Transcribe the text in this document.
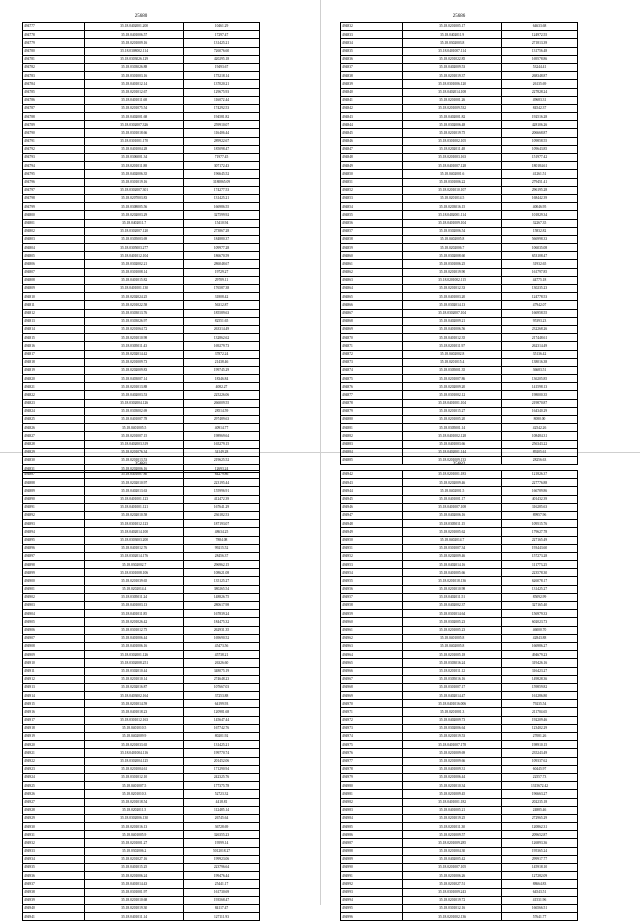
25680
494777	35.18.0402001.200	10461.29
494778	35.18.0401006.57	17297.47
494779	35.18.0201009.16	131425.21
494780	35.18.0308002.114	726076.60
494781	35.18.0303026.129	420295.18
494782	35.18.0303026.88	19493.67
494783	35.18.0301003.16	175218.14
494784	35.18.0401012.14	137020.21
494785	35.18.0201012.67	129675.93
494786	35.18.0401011.68	116072.44
494787	35.18.0201075.54	174292.53
494788	35.18.0402001.68	194581.82
494789	35.18.0302007.326	259910.07
494790	35.18.0301018.66	116406.44
494791	35.18.0301001.170	289922.67
494792	35.18.0401004.28	185098.47
494793	35.18.0306001.34	71977.45
494794	35.18.0201011.88	307172.43
494795	35.18.0402006.35	196645.52
494796	35.18.0301019.16	3180865.09
494797	35.18.0302007.301	174277.53
494798	35.18.0207003.83	131425.21
494799	35.18.0308005.56	166986.55
494800	35.18.0202003.29	327599.92
494801	35.18.0402011.7	15410.94
494802	35.18.0302007.120	273867.28
494803	35.18.0305003.69	184880.37
494804	35.18.0305003.277	109977.28
494805	35.18.0401012.104	186670.59
494806	35.18.0302002.21	286048.67
494807	35.18.0301008.14	19729.27
494808	35.18.0401015.82	29709.11
494809	35.18.0401001.130	176587.38
494810	35.18.0202024.25	31808.42
494811	35.18.0201022.58	56312.87
494812	35.18.0303013.76	185589.63
494813	35.18.0303026.97	82551.65
494814	35.18.0201064.72	263314.49
494815	35.18.0201010.98	132862.62
494816	35.18.0305011.43	169279.73
494817	35.18.0202014.42	37872.24
494818	35.18.0201009.73	21438.46
494819	35.18.0202009.83	199745.29
494820	35.18.0403007.14	18346.84
494821	35.18.0201013.88	4082.27
494822	35.18.0402003.53	225226.06
494823	35.18.0302004.126	266009.55
494824	35.18.0303002.69	28514.59
494825	35.18.0401007.78	297489.63
494826	35.18.0401005.5	40914.77
494827	35.18.0201007.15	198969.64
494828	35.18.0402003.319	165279.15
494829	35.18.0201076.34	34149.28
494830	35.18.0201013.53	219625.52
494831	35.18.0202006.16	12693.24
25686
494832	35.18.0201005.17	64633.68
494833	35.18.0402011.9	124972.55
494834	35.18.0302003.8	271813.39
494835	35.18.0401007.114	131756.48
494836	35.18.0201022.85	169578.86
494837	35.18.0402009.53	53244.41
494838	35.18.0201019.37	268348.87
494839	35.18.0301006.120	26135.69
494840	35.18.0402014.108	227828.24
494841	35.18.0201001.26	49683.31
494842	35.18.0201009.532	84542.37
494843	35.18.0402001.82	192516.28
494844	35.18.0302006.48	428106.26
494845	35.18.0201019.75	206668.87
494846	35.18.0301002.105	109858.55
494847	35.18.0202011.48	109643.85
494848	35.18.0201003.163	151977.42
494849	35.18.0401007.128	180184.61
494850	35.18.0402001.6	41261.51
494851	35.18.0301006.22	279451.41
494852	35.18.0201010.107	296195.28
494853	35.18.0201014.5	168442.39
494854	35.18.0203016.15	40046.95
494855	35.18.0402001.114	101829.34
494856	35.18.0401009.104	32267.35
494857	35.18.0302006.54	15832.82
494858	35.18.0402005.8	566998.33
494859	35.18.0202006.7	106035.08
494860	35.18.0302008.60	653108.47
494861	35.18.0301006.25	31932.65
494862	35.18.0201019.90	161797.85
494863	35.18.0201002.115	44775.18
494864	35.18.0201012.33	130235.23
494865	35.18.0401003.20	124778.53
494866	35.18.0302014.13	47942.07
494867	35.18.0302007.104	166958.55
494868	35.18.0402009.21	95393.23
494869	35.18.0401006.56	232268.26
494870	35.18.0401012.35	217448.61
494871	35.18.0201011.97	262314.49
494872	35.18.0402002.8	35136.42
494873	35.18.0201015.4	138016.38
494874	35.18.0305001.35	36683.51
494875	35.18.0201007.86	136205.85
494876	35.18.0202009.20	141598.13
494877	35.18.0301002.12	198000.35
494878	35.18.0401001.104	219870.87
494879	35.18.0201015.27	164340.29
494880	35.18.0201005.20	8080.00
494881	35.18.0305001.14	42542.26
494882	35.18.0401002.128	108484.31
494883	35.18.0401003.66	256343.22
494884	35.18.0402001.144	89205.61
494885	35.18.0201009.133	28256.63
25681
494887	35.18.0401007.80	84279.86
494888	35.18.0202010.97	223195.44
494889	35.18.0402013.63	155996.91
494890	35.18.0401001.123	412472.39
494891	35.18.0401001.121	167641.29
494892	35.18.0202010.58	236182.53
494893	35.18.0301012.123	187193.07
494894	35.18.0402014.100	48634.25
494895	35.18.0303003.200	7884.08
494896	35.18.0401012.76	99215.52
494897	35.18.0302014.176	28456.37
494898	35.18.0302002.7	296962.15
494899	35.18.0301008.106	108621.08
494900	35.18.0201039.65	135125.27
494901	35.18.0202014.4	380265.54
494902	35.18.0305011.24	148826.75
494903	35.18.0401003.13	280617.98
494904	35.18.0401011.85	167839.24
494905	35.18.0201026.42	184475.32
494906	35.18.0301012.75	262931.35
494907	35.18.0401006.44	169690.52
494908	35.18.0401006.16	45473.56
494909	35.18.0302001.126	45738.21
494910	35.18.0302008.251	26326.60
494911	35.18.0302010.44	348075.19
494912	35.18.0201010.14	274648.23
494913	35.18.0202016.87	107667.03
494914	35.18.0403002.164	37253.88
494915	35.18.0201014.59	64199.93
494916	35.18.0401018.23	120981.68
494917	35.18.0301012.163	145647.44
494918	35.18.0401010.5	167742.76
494919	35.18.0402009.9	80201.92
494920	35.18.0201033.65	131425.21
494921	35.18.0401004.116	199770.74
494922	35.18.0302004.125	201452.06
494923	35.18.0201004.61	171290.94
494924	35.18.0301012.10	242325.76
494925	35.18.0401007.5	177375.78
494926	35.18.0201010.3	52723.32
494927	35.18.0201018.54	4418.81
494928	35.18.0202011.5	112485.14
494929	35.18.0302006.130	26745.64
494930	35.18.0201016.13	36728.69
494931	35.18.0401005.9	326355.23
494932	35.18.0201001.27	19599.14
494933	35.18.0302006.2	5012018.27
494934	35.18.0201027.16	199923.06
494935	35.18.0401015.25	223796.64
494936	35.18.0201006.24	199476.44
494937	35.18.0401014.43	25441.17
494938	35.18.0301001.97	161730.69
494939	35.18.0201010.68	193568.47
494940	35.18.0201019.30	84117.47
494941	35.18.0401011.14	127111.93
25682
494942	35.18.0201001.183	121826.37
494943	35.18.0202009.46	227776.88
494944	35.18.0402001.5	166789.86
494945	35.18.0401001.17	401432.39
494946	35.18.0401007.108	316285.63
494947	35.18.0402006.16	89957.96
494948	35.18.0305011.15	109515.76
494949	35.18.0201005.62	179627.78
494950	35.18.0402014.7	227165.49
494951	35.18.0301007.34	193443.60
494952	35.18.0202009.46	157273.28
494953	35.18.0402014.16	111773.25
494954	35.18.0401005.66	223578.30
494955	35.18.0201018.136	626078.17
494956	35.18.0201010.98	131425.27
494957	35.18.0402011.51	85092.99
494958	35.18.0402002.37	327165.40
494959	35.18.0301014.64	156979.33
494960	35.18.0302005.23	602023.73
494961	35.18.0201005.23	46000.70
494962	35.18.0401005.8	42843.88
494963	35.18.0402005.8	166986.27
494964	35.18.0201005.18	494679.23
494965	35.18.0303016.24	319426.16
494966	35.18.0201011.12	316423.27
494967	35.18.0305016.16	149828.36
494968	35.18.0301007.17	159859.82
494969	35.18.0402014.47	161286.80
494970	35.18.0401016.006	79235.54
494971	35.18.0201001.3	211704.65
494972	35.18.0402009.73	192209.46
494973	35.18.0302006.64	123402.29
494974	35.18.0201019.53	27081.26
494975	35.18.0401007.178	198910.15
494976	35.18.0201009.69	235243.49
494977	35.18.0201009.66	109337.62
494978	35.18.0401009.31	60445.97
494979	35.18.0201006.44	22557.73
494980	35.18.0201010.34	1315672.42
494981	35.18.0201009.45	196663.27
494982	35.18.0401001.182	202235.18
494983	35.18.0401005.21	24885.46
494984	35.18.0201019.25	272965.29
494985	35.18.0201011.30	120862.31
494986	35.18.0201009.57	209652.87
494987	35.18.0201009.285	126893.36
494988	35.18.0201004.30	195365.24
494989	35.18.0402005.42	299917.77
494990	35.18.0201007.105	145918.10
494991	35.18.0201006.26	127282.09
494992	35.18.0201027.51	88664.83
494993	35.18.0301009.243	64543.51
494994	35.18.0201019.72	41531.96
494995	35.18.0301012.16	166566.51
494996	35.18.0201002.136	57641.77
